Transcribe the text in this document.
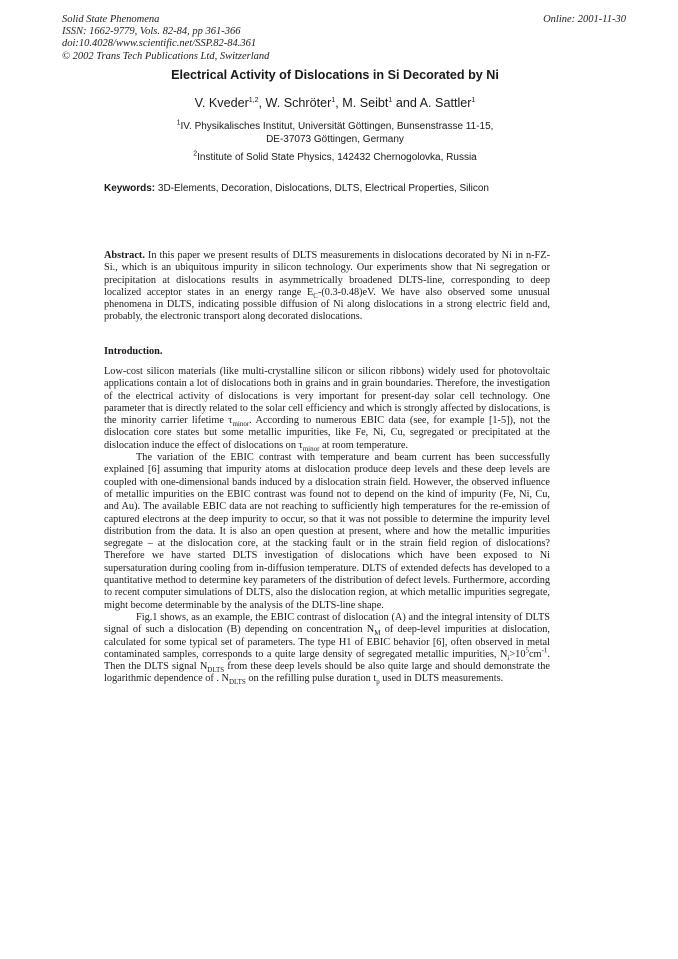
Solid State Phenomena
ISSN: 1662-9779, Vols. 82-84, pp 361-366
doi:10.4028/www.scientific.net/SSP.82-84.361
© 2002 Trans Tech Publications Ltd, Switzerland
Online: 2001-11-30
Electrical Activity of Dislocations in Si Decorated by Ni
V. Kveder$^{1,2}$, W. Schröter$^1$, M. Seibt$^1$ and A. Sattler$^1$
$^1$IV. Physikalisches Institut, Universität Göttingen, Bunsenstrasse 11-15,
DE-37073 Göttingen, Germany
$^2$Institute of Solid State Physics, 142432 Chernogolovka, Russia
Keywords: 3D-Elements, Decoration, Dislocations, DLTS, Electrical Properties, Silicon
Abstract. In this paper we present results of DLTS measurements in dislocations decorated by Ni in n-FZ-Si., which is an ubiquitous impurity in silicon technology. Our experiments show that Ni segregation or precipitation at dislocations results in asymmetrically broadened DLTS-line, corresponding to deep localized acceptor states in an energy range $E_C-(0.3-0.48)eV$. We have also observed some unusual phenomena in DLTS, indicating possible diffusion of Ni along dislocations in a strong electric field and, probably, the electronic transport along decorated dislocations.
Introduction.

Low-cost silicon materials (like multi-crystalline silicon or silicon ribbons) widely used for photovoltaic applications contain a lot of dislocations both in grains and in grain boundaries. Therefore, the investigation of the electrical activity of dislocations is very important for present-day solar cell technology. One parameter that is directly related to the solar cell efficiency and which is strongly affected by dislocations, is the minority carrier lifetime $\tau_{minor}$. According to numerous EBIC data (see, for example [1-5]), not the dislocation core states but some metallic impurities, like Fe, Ni, Cu, segregated or precipitated at the dislocation induce the effect of dislocations on $\tau_{minor}$ at room temperature.

The variation of the EBIC contrast with temperature and beam current has been successfully explained [6] assuming that impurity atoms at dislocation produce deep levels and these deep levels are coupled with one-dimensional bands induced by a dislocation strain field. However, the observed influence of metallic impurities on the EBIC contrast was found not to depend on the kind of impurity (Fe, Ni, Cu, and Au). The available EBIC data are not reaching to sufficiently high temperatures for the re-emission of captured electrons at the deep impurity to occur, so that it was not possible to determine the impurity level distribution from the data. It is also an open question at present, where and how the metallic impurities segregate – at the dislocation core, at the stacking fault or in the strain field region of dislocations? Therefore we have started DLTS investigation of dislocations which have been exposed to Ni supersaturation during cooling from in-diffusion temperature. DLTS of extended defects has developed to a quantitative method to determine key parameters of the distribution of defect levels. Furthermore, according to recent computer simulations of DLTS, also the dislocation region, at which metallic impurities segregate, might become determinable by the analysis of the DLTS-line shape.

Fig.1 shows, as an example, the EBIC contrast of dislocation (A) and the integral intensity of DLTS signal of such a dislocation (B) depending on concentration $N_M$ of deep-level impurities at dislocation, calculated for some typical set of parameters. The type H1 of EBIC behavior [6], often observed in metal contaminated samples, corresponds to a quite large density of segregated metallic impurities, $N_i>10^5cm^{-1}$. Then the DLTS signal $N_{DLTS}$ from these deep levels should be also quite large and should demonstrate the logarithmic dependence of . $N_{DLTS}$ on the refilling pulse duration $t_p$ used in DLTS measurements.
